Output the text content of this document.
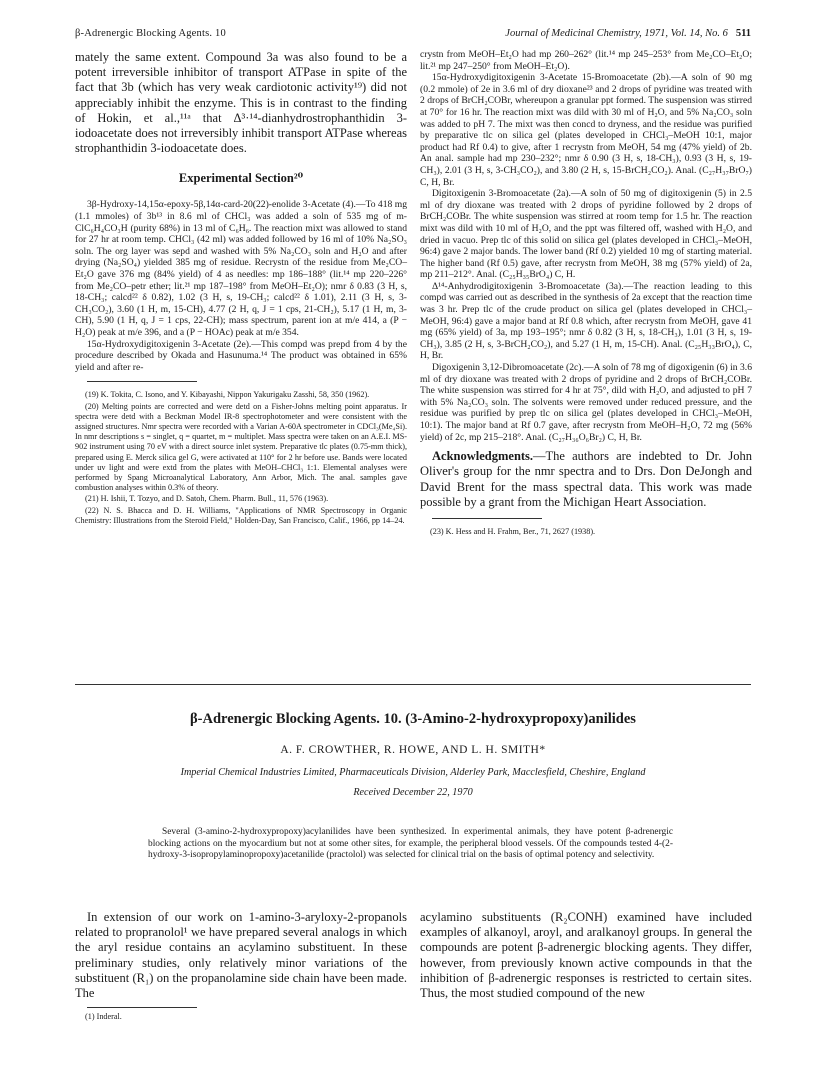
β-Adrenergic Blocking Agents. 10	Journal of Medicinal Chemistry, 1971, Vol. 14, No. 6 511

mately the same extent. Compound 3a was also found to be a potent irreversible inhibitor of transport ATPase in spite of the fact that 3b (which has very weak cardiotonic activity¹⁹) did not appreciably inhibit the enzyme. This is in contrast to the finding of Hokin, et al.,¹¹ᵃ that Δ³·¹⁴-dianhydrostrophanthidin 3-iodoacetate does not irreversibly inhibit transport ATPase whereas strophanthidin 3-iodoacetate does.

Experimental Section²⁰

3β-Hydroxy-14,15α-epoxy-5β,14α-card-20(22)-enolide 3-Acetate (4).—To 418 mg (1.1 mmoles) of 3b¹³ in 8.6 ml of CHCl₃ was added a soln of 535 mg of m-ClC₆H₄CO₃H (purity 68%) in 13 ml of C₆H₆. The reaction mixt was allowed to stand for 27 hr at room temp. CHCl₃ (42 ml) was added followed by 16 ml of 10% Na₂SO₃ soln. The org layer was sepd and washed with 5% Na₂CO₃ soln and H₂O and after drying (Na₂SO₄) yielded 385 mg of residue. Recrystn of the residue from Me₂CO–Et₂O gave 376 mg (84% yield) of 4 as needles: mp 186–188° (lit.¹⁴ mp 220–226° from Me₂CO–petr ether; lit.²¹ mp 187–198° from MeOH–Et₂O); nmr δ 0.83 (3 H, s, 18-CH₃; calcd²² δ 0.82), 1.02 (3 H, s, 19-CH₃; calcd²² δ 1.01), 2.11 (3 H, s, 3-CH₃CO₂), 3.60 (1 H, m, 15-CH), 4.77 (2 H, q, J = 1 cps, 21-CH₂), 5.17 (1 H, m, 3-CH), 5.90 (1 H, q, J = 1 cps, 22-CH); mass spectrum, parent ion at m/e 414, a (P − H₂O) peak at m/e 396, and a (P − HOAc) peak at m/e 354.

15α-Hydroxydigitoxigenin 3-Acetate (2e).—This compd was prepd from 4 by the procedure described by Okada and Hasunuma.¹⁴ The product was obtained in 65% yield and after re-

(19) K. Tokita, C. Isono, and Y. Kibayashi, Nippon Yakurigaku Zasshi, 58, 350 (1962).

(20) Melting points are corrected and were detd on a Fisher-Johns melting point apparatus. Ir spectra were detd with a Beckman Model IR-8 spectrophotometer and were consistent with the assigned structures. Nmr spectra were recorded with a Varian A-60A spectrometer in CDCl₃(Me₄Si). In nmr descriptions s = singlet, q = quartet, m = multiplet. Mass spectra were taken on an A.E.I. MS-902 instrument using 70 eV with a direct source inlet system. Preparative tlc plates (0.75-mm thick), prepared using E. Merck silica gel G, were activated at 110° for 2 hr before use. Bands were located under uv light and were extd from the plates with MeOH–CHCl₃ 1:1. Elemental analyses were performed by Spang Microanalytical Laboratory, Ann Arbor, Mich. The anal. samples gave combustion analyses within 0.3% of theory.

(21) H. Ishii, T. Tozyo, and D. Satoh, Chem. Pharm. Bull., 11, 576 (1963).

(22) N. S. Bhacca and D. H. Williams, "Applications of NMR Spectroscopy in Organic Chemistry: Illustrations from the Steroid Field," Holden-Day, San Francisco, Calif., 1966, pp 14–24.

crystn from MeOH–Et₂O had mp 260–262° (lit.¹⁴ mp 245–253° from Me₂CO–Et₂O; lit.²¹ mp 247–250° from MeOH–Et₂O).

15α-Hydroxydigitoxigenin 3-Acetate 15-Bromoacetate (2b).—A soln of 90 mg (0.2 mmole) of 2e in 3.6 ml of dry dioxane²³ and 2 drops of pyridine was treated with 2 drops of BrCH₂COBr, whereupon a granular ppt formed. The suspension was stirred at 70° for 16 hr. The reaction mixt was dild with 30 ml of H₂O, and 5% Na₂CO₃ soln was added to pH 7. The mixt was then concd to dryness, and the residue was purified by preparative tlc on silica gel (plates developed in CHCl₃–MeOH 10:1, major product had Rf 0.4) to give, after 1 recrystn from MeOH, 54 mg (47% yield) of 2b. An anal. sample had mp 230–232°; nmr δ 0.90 (3 H, s, 18-CH₃), 0.93 (3 H, s, 19-CH₃), 2.01 (3 H, s, 3-CH₃CO₂), and 3.80 (2 H, s, 15-BrCH₂CO₂). Anal. (C₂₇H₃₇BrO₇) C, H, Br.

Digitoxigenin 3-Bromoacetate (2a).—A soln of 50 mg of digitoxigenin (5) in 2.5 ml of dry dioxane was treated with 2 drops of pyridine followed by 2 drops of BrCH₂COBr. The white suspension was stirred at room temp for 1.5 hr. The reaction mixt was dild with 10 ml of H₂O, and the ppt was filtered off, washed with H₂O, and dried in vacuo. Prep tlc of this solid on silica gel (plates developed in CHCl₃–MeOH, 96:4) gave 2 major bands. The lower band (Rf 0.2) yielded 10 mg of starting material. The higher band (Rf 0.5) gave, after recrystn from MeOH, 38 mg (57% yield) of 2a, mp 211–212°. Anal. (C₂₅H₃₅BrO₄) C, H.

Δ¹⁴-Anhydrodigitoxigenin 3-Bromoacetate (3a).—The reaction leading to this compd was carried out as described in the synthesis of 2a except that the reaction time was 3 hr. Prep tlc of the crude product on silica gel (plates developed in CHCl₃–MeOH, 96:4) gave a major band at Rf 0.8 which, after recrystn from MeOH, gave 41 mg (65% yield) of 3a, mp 193–195°; nmr δ 0.82 (3 H, s, 18-CH₃), 1.01 (3 H, s, 19-CH₃), 3.85 (2 H, s, 3-BrCH₂CO₂), and 5.27 (1 H, m, 15-CH). Anal. (C₂₅H₃₃BrO₄), C, H, Br.

Digoxigenin 3,12-Dibromoacetate (2c).—A soln of 78 mg of digoxigenin (6) in 3.6 ml of dry dioxane was treated with 2 drops of pyridine and 2 drops of BrCH₂COBr. The white suspension was stirred for 4 hr at 75°, dild with H₂O, and adjusted to pH 7 with 5% Na₂CO₃ soln. The solvents were removed under reduced pressure, and the residue was purified by prep tlc on silica gel (plates developed in CHCl₃–MeOH, 10:1). The major band at Rf 0.7 gave, after recrystn from MeOH–H₂O, 72 mg (56% yield) of 2c, mp 215–218°. Anal. (C₂₇H₃₆O₆Br₂) C, H, Br.

Acknowledgments.—The authors are indebted to Dr. John Oliver's group for the nmr spectra and to Drs. Don DeJongh and David Brent for the mass spectral data. This work was made possible by a grant from the Michigan Heart Association.

(23) K. Hess and H. Frahm, Ber., 71, 2627 (1938).
β-Adrenergic Blocking Agents. 10. (3-Amino-2-hydroxypropoxy)anilides
A. F. CROWTHER, R. HOWE, AND L. H. SMITH*
Imperial Chemical Industries Limited, Pharmaceuticals Division, Alderley Park, Macclesfield, Cheshire, England
Received December 22, 1970

Several (3-amino-2-hydroxypropoxy)acylanilides have been synthesized. In experimental animals, they have potent β-adrenergic blocking actions on the myocardium but not at some other sites, for example, the peripheral blood vessels. Of the compounds tested 4-(2-hydroxy-3-isopropylaminopropoxy)acetanilide (practolol) was selected for clinical trial on the basis of optimal potency and selectivity.

In extension of our work on 1-amino-3-aryloxy-2-propanols related to propranolol¹ we have prepared several analogs in which the aryl residue contains an acylamino substituent. In these preliminary studies, only relatively minor variations of the substituent (R₁) on the propanolamine side chain have been made. The

(1) Inderal.

acylamino substituents (R₂CONH) examined have included examples of alkanoyl, aroyl, and aralkanoyl groups. In general the compounds are potent β-adrenergic blocking agents. They differ, however, from previously known active compounds in that the inhibition of β-adrenergic responses is restricted to certain sites. Thus, the most studied compound of the new
